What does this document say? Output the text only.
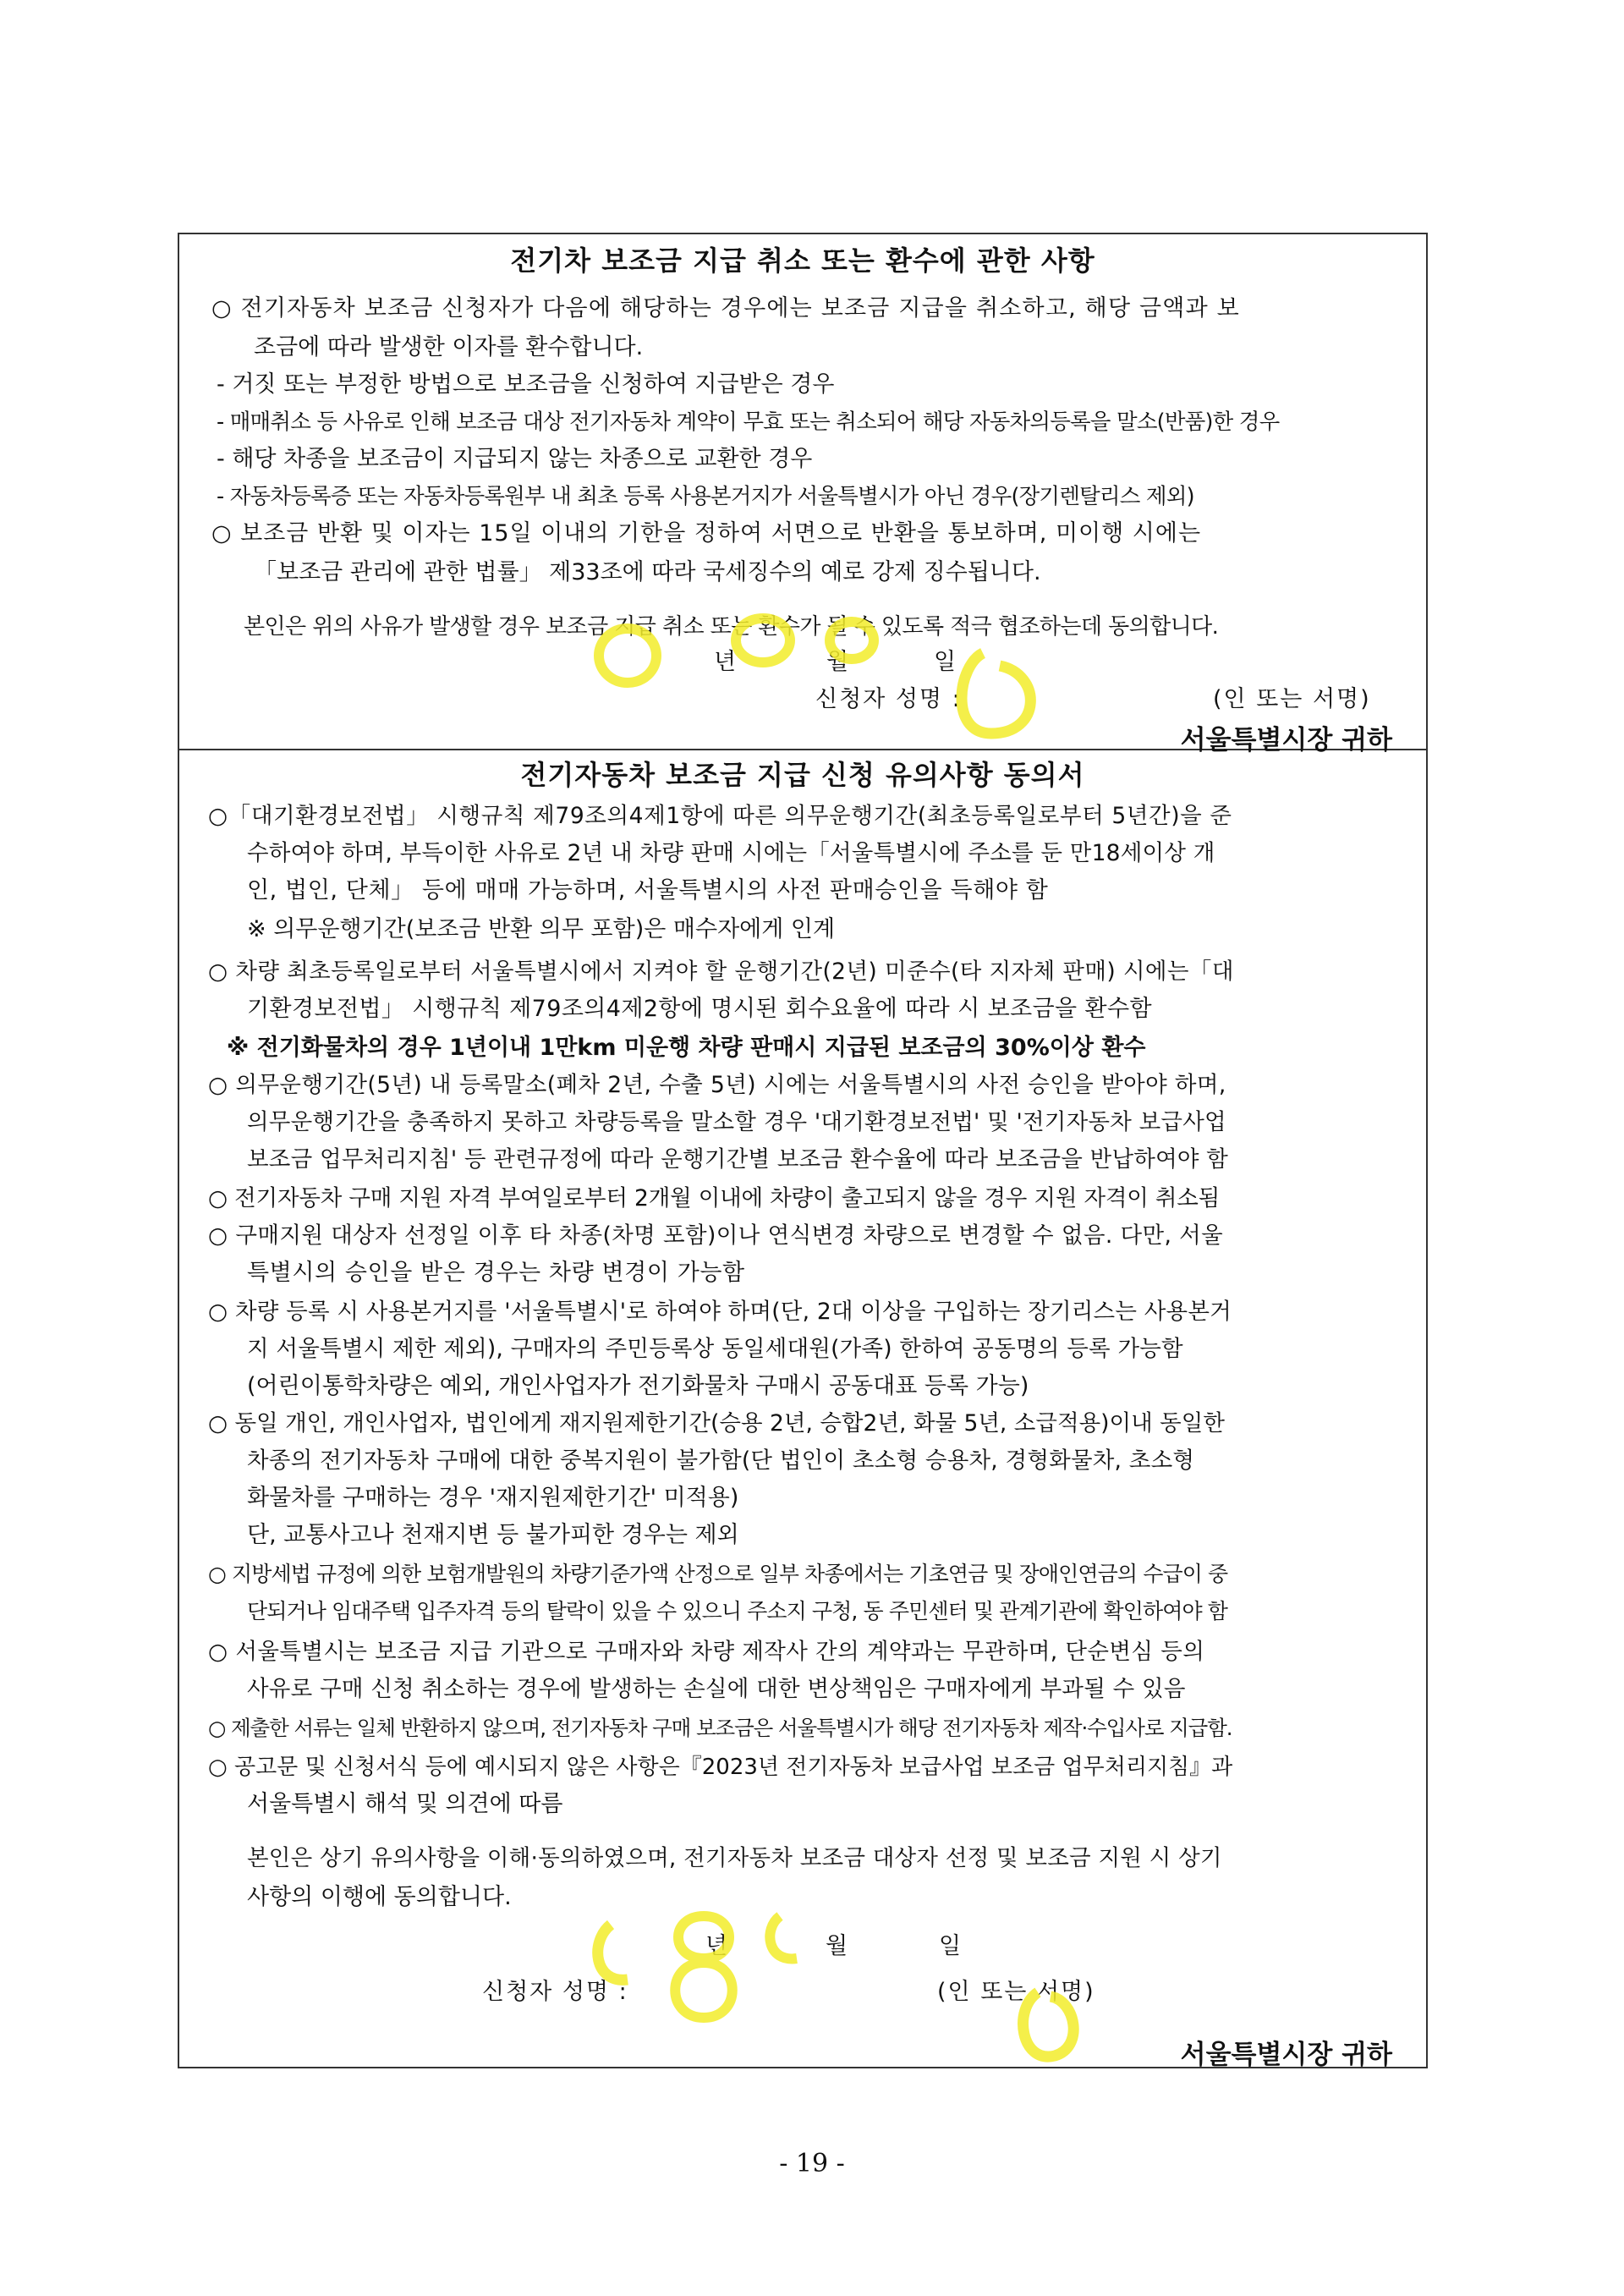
전기차 보조금 지급 취소 또는 환수에 관한 사항
○ 전기자동차 보조금 신청자가 다음에 해당하는 경우에는 보조금 지급을 취소하고, 해당 금액과 보
조금에 따라 발생한 이자를 환수합니다.
- 거짓 또는 부정한 방법으로 보조금을 신청하여 지급받은 경우
- 매매취소 등 사유로 인해 보조금 대상 전기자동차 계약이 무효 또는 취소되어 해당 자동차의등록을 말소(반품)한 경우
- 해당 차종을 보조금이 지급되지 않는 차종으로 교환한 경우
- 자동차등록증 또는 자동차등록원부 내 최초 등록 사용본거지가 서울특별시가 아닌 경우(장기렌탈리스 제외)
○ 보조금 반환 및 이자는 15일 이내의 기한을 정하여 서면으로 반환을 통보하며, 미이행 시에는
「보조금 관리에 관한 법률」 제33조에 따라 국세징수의 예로 강제 징수됩니다.
본인은 위의 사유가 발생할 경우 보조금 지급 취소 또는 환수가 될 수 있도록 적극 협조하는데 동의합니다.
년	월	일
신청자 성명 :	(인 또는 서명)
서울특별시장 귀하
전기자동차 보조금 지급 신청 유의사항 동의서
○「대기환경보전법」 시행규칙 제79조의4제1항에 따른 의무운행기간(최초등록일로부터 5년간)을 준
수하여야 하며, 부득이한 사유로 2년 내 차량 판매 시에는「서울특별시에 주소를 둔 만18세이상 개
인, 법인, 단체」 등에 매매 가능하며, 서울특별시의 사전 판매승인을 득해야 함
※ 의무운행기간(보조금 반환 의무 포함)은 매수자에게 인계
○ 차량 최초등록일로부터 서울특별시에서 지켜야 할 운행기간(2년) 미준수(타 지자체 판매) 시에는「대
기환경보전법」 시행규칙 제79조의4제2항에 명시된 회수요율에 따라 시 보조금을 환수함
※ 전기화물차의 경우 1년이내 1만km 미운행 차량 판매시 지급된 보조금의 30%이상 환수
○ 의무운행기간(5년) 내 등록말소(폐차 2년, 수출 5년) 시에는 서울특별시의 사전 승인을 받아야 하며,
의무운행기간을 충족하지 못하고 차량등록을 말소할 경우 '대기환경보전법' 및 '전기자동차 보급사업
보조금 업무처리지침' 등 관련규정에 따라 운행기간별 보조금 환수율에 따라 보조금을 반납하여야 함
○ 전기자동차 구매 지원 자격 부여일로부터 2개월 이내에 차량이 출고되지 않을 경우 지원 자격이 취소됨
○ 구매지원 대상자 선정일 이후 타 차종(차명 포함)이나 연식변경 차량으로 변경할 수 없음. 다만, 서울
특별시의 승인을 받은 경우는 차량 변경이 가능함
○ 차량 등록 시 사용본거지를 '서울특별시'로 하여야 하며(단, 2대 이상을 구입하는 장기리스는 사용본거
지 서울특별시 제한 제외), 구매자의 주민등록상 동일세대원(가족) 한하여 공동명의 등록 가능함
(어린이통학차량은 예외, 개인사업자가 전기화물차 구매시 공동대표 등록 가능)
○ 동일 개인, 개인사업자, 법인에게 재지원제한기간(승용 2년, 승합2년, 화물 5년, 소급적용)이내 동일한
차종의 전기자동차 구매에 대한 중복지원이 불가함(단 법인이 초소형 승용차, 경형화물차, 초소형
화물차를 구매하는 경우 '재지원제한기간' 미적용)
단, 교통사고나 천재지변 등 불가피한 경우는 제외
○ 지방세법 규정에 의한 보험개발원의 차량기준가액 산정으로 일부 차종에서는 기초연금 및 장애인연금의 수급이 중
단되거나 임대주택 입주자격 등의 탈락이 있을 수 있으니 주소지 구청, 동 주민센터 및 관계기관에 확인하여야 함
○ 서울특별시는 보조금 지급 기관으로 구매자와 차량 제작사 간의 계약과는 무관하며, 단순변심 등의
사유로 구매 신청 취소하는 경우에 발생하는 손실에 대한 변상책임은 구매자에게 부과될 수 있음
○ 제출한 서류는 일체 반환하지 않으며, 전기자동차 구매 보조금은 서울특별시가 해당 전기자동차 제작·수입사로 지급함.
○ 공고문 및 신청서식 등에 예시되지 않은 사항은『2023년 전기자동차 보급사업 보조금 업무처리지침』과
서울특별시 해석 및 의견에 따름
본인은 상기 유의사항을 이해·동의하였으며, 전기자동차 보조금 대상자 선정 및 보조금 지원 시 상기
사항의 이행에 동의합니다.
년	월	일
신청자 성명 :	(인 또는 서명)
서울특별시장 귀하
- 19 -
